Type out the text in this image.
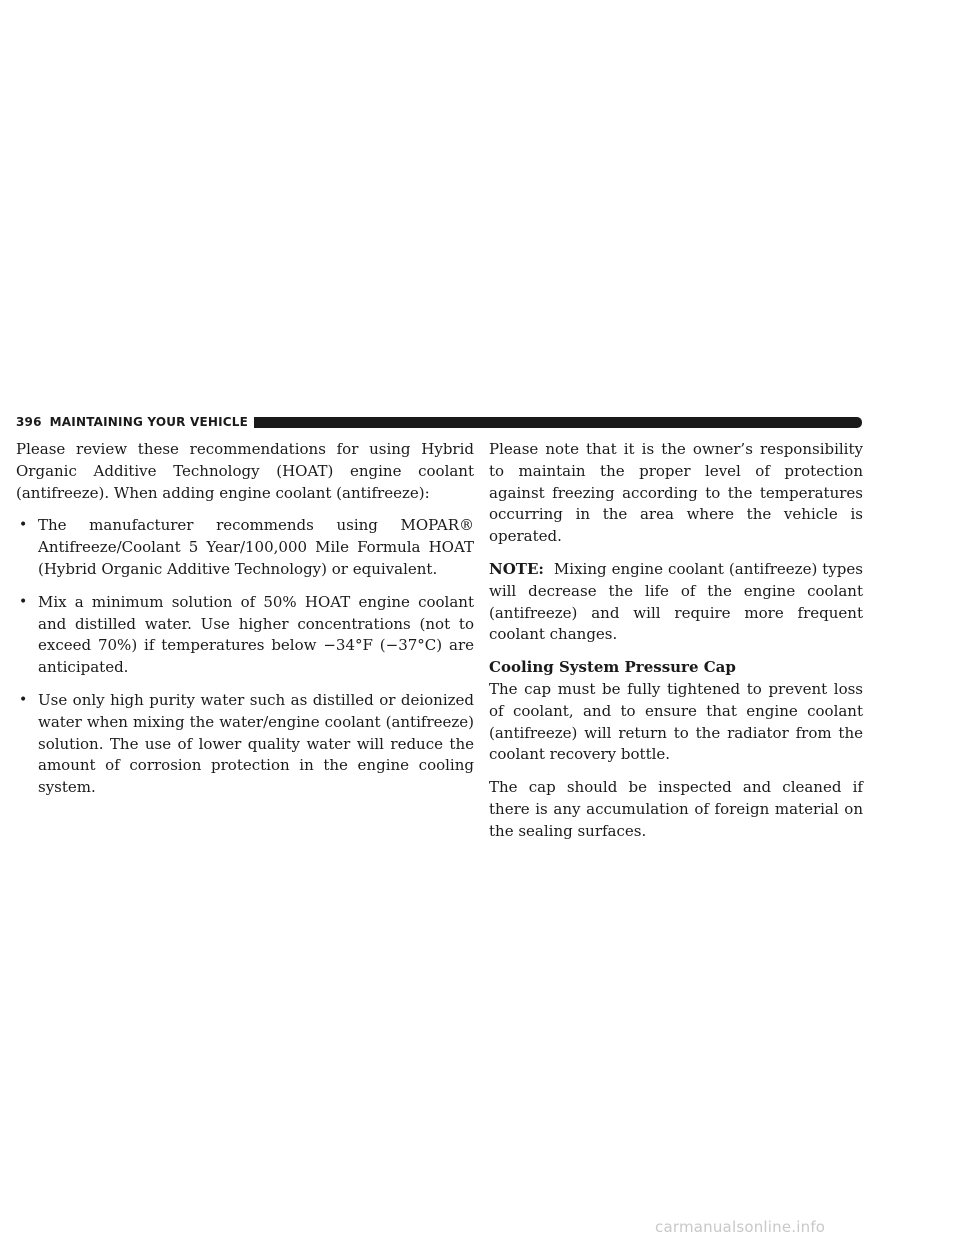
396 MAINTAINING YOUR VEHICLE

Please review these recommendations for using Hybrid Organic Additive Technology (HOAT) engine coolant (antifreeze). When adding engine coolant (antifreeze):

• The manufacturer recommends using MOPAR® Antifreeze/Coolant 5 Year/100,000 Mile Formula HOAT (Hybrid Organic Additive Technology) or equivalent.
• Mix a minimum solution of 50% HOAT engine coolant and distilled water. Use higher concentrations (not to exceed 70%) if temperatures below −34°F (−37°C) are anticipated.
• Use only high purity water such as distilled or deionized water when mixing the water/engine coolant (antifreeze) solution. The use of lower quality water will reduce the amount of corrosion protection in the engine cooling system.

Please note that it is the owner’s responsibility to maintain the proper level of protection against freezing according to the temperatures occurring in the area where the vehicle is operated.

NOTE: Mixing engine coolant (antifreeze) types will decrease the life of the engine coolant (antifreeze) and will require more frequent coolant changes.

Cooling System Pressure Cap

The cap must be fully tightened to prevent loss of coolant, and to ensure that engine coolant (antifreeze) will return to the radiator from the coolant recovery bottle.

The cap should be inspected and cleaned if there is any accumulation of foreign material on the sealing surfaces.

carmanualsonline.info
